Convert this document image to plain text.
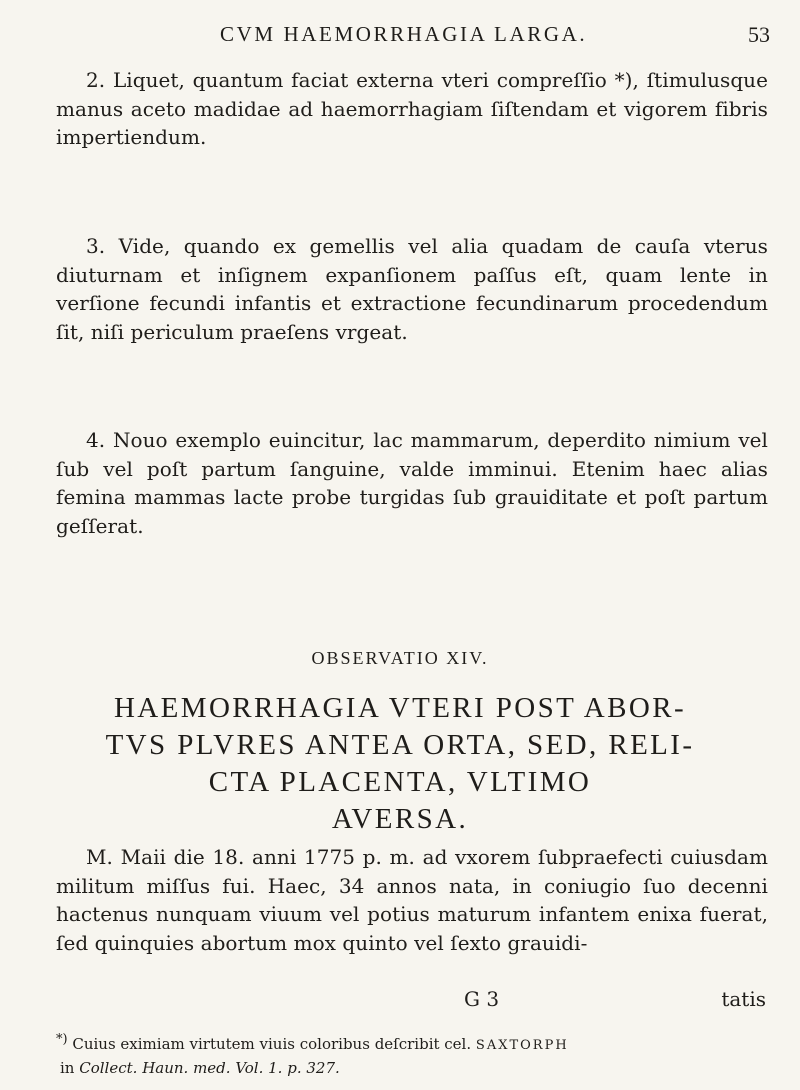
CVM HAEMORRHAGIA LARGA.	53

2. Liquet, quantum faciat externa vteri compreſſio *), ſtimulusque manus aceto madidae ad haemorrhagiam ſiſtendam et vigorem fibris impertiendum.

3. Vide, quando ex gemellis vel alia quadam de cauſa vterus diuturnam et inſignem expanſionem paſſus eſt, quam lente in verſione fecundi infantis et extractione fecundinarum procedendum ſit, niſi periculum praeſens vrgeat.

4. Nouo exemplo euincitur, lac mammarum, deperdito nimium vel ſub vel poſt partum ſanguine, valde imminui. Etenim haec alias femina mammas lacte probe turgidas ſub grauiditate et poſt partum geſſerat.

OBSERVATIO XIV.
HAEMORRHAGIA VTERI POST ABOR-
TVS PLVRES ANTEA ORTA, SED, RELI-
CTA PLACENTA, VLTIMO
AVERSA.

M. Maii die 18. anni 1775 p. m. ad vxorem ſubpraefecti cuiusdam militum miſſus fui. Haec, 34 annos nata, in coniugio ſuo decenni hactenus nunquam viuum vel potius maturum infantem enixa fuerat, ſed quinquies abortum mox quinto vel ſexto grauidi-

G 3	tatis
*) Cuius eximiam virtutem viuis coloribus deſcribit cel. SAXTORPH
in Collect. Haun. med. Vol. 1. p. 327.
